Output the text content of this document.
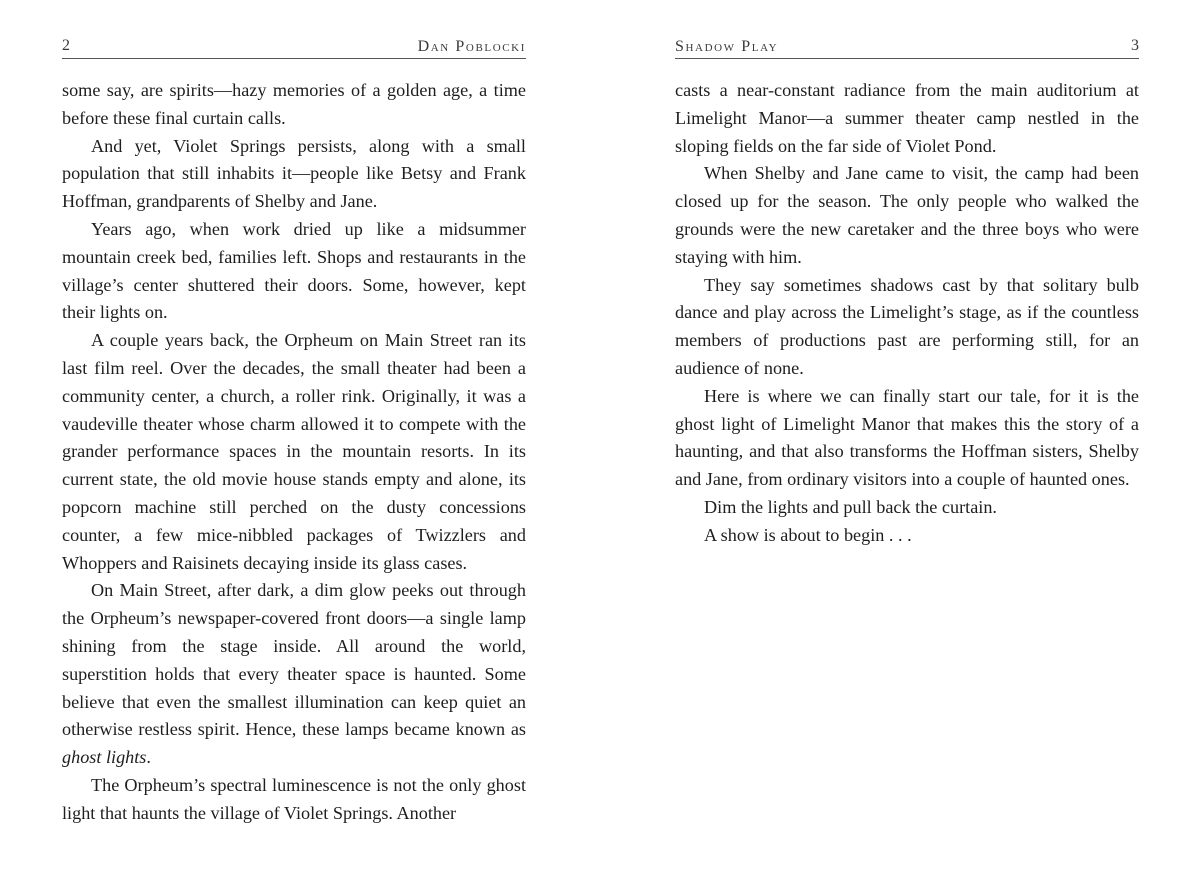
2	Dan Poblocki

some say, are spirits—hazy memories of a golden age, a time before these final curtain calls.

And yet, Violet Springs persists, along with a small population that still inhabits it—people like Betsy and Frank Hoffman, grandparents of Shelby and Jane.

Years ago, when work dried up like a midsummer mountain creek bed, families left. Shops and restaurants in the village’s center shuttered their doors. Some, however, kept their lights on.

A couple years back, the Orpheum on Main Street ran its last film reel. Over the decades, the small theater had been a community center, a church, a roller rink. Originally, it was a vaudeville theater whose charm allowed it to compete with the grander performance spaces in the mountain resorts. In its current state, the old movie house stands empty and alone, its popcorn machine still perched on the dusty concessions counter, a few mice-nibbled packages of Twizzlers and Whoppers and Raisinets decaying inside its glass cases.

On Main Street, after dark, a dim glow peeks out through the Orpheum’s newspaper-covered front doors—a single lamp shining from the stage inside. All around the world, superstition holds that every theater space is haunted. Some believe that even the smallest illumination can keep quiet an otherwise restless spirit. Hence, these lamps became known as ghost lights.

The Orpheum’s spectral luminescence is not the only ghost light that haunts the village of Violet Springs. Another

Shadow Play	3

casts a near-constant radiance from the main auditorium at Limelight Manor—a summer theater camp nestled in the sloping fields on the far side of Violet Pond.

When Shelby and Jane came to visit, the camp had been closed up for the season. The only people who walked the grounds were the new caretaker and the three boys who were staying with him.

They say sometimes shadows cast by that solitary bulb dance and play across the Limelight’s stage, as if the countless members of productions past are performing still, for an audience of none.

Here is where we can finally start our tale, for it is the ghost light of Limelight Manor that makes this the story of a haunting, and that also transforms the Hoffman sisters, Shelby and Jane, from ordinary visitors into a couple of haunted ones.

Dim the lights and pull back the curtain.

A show is about to begin . . .
